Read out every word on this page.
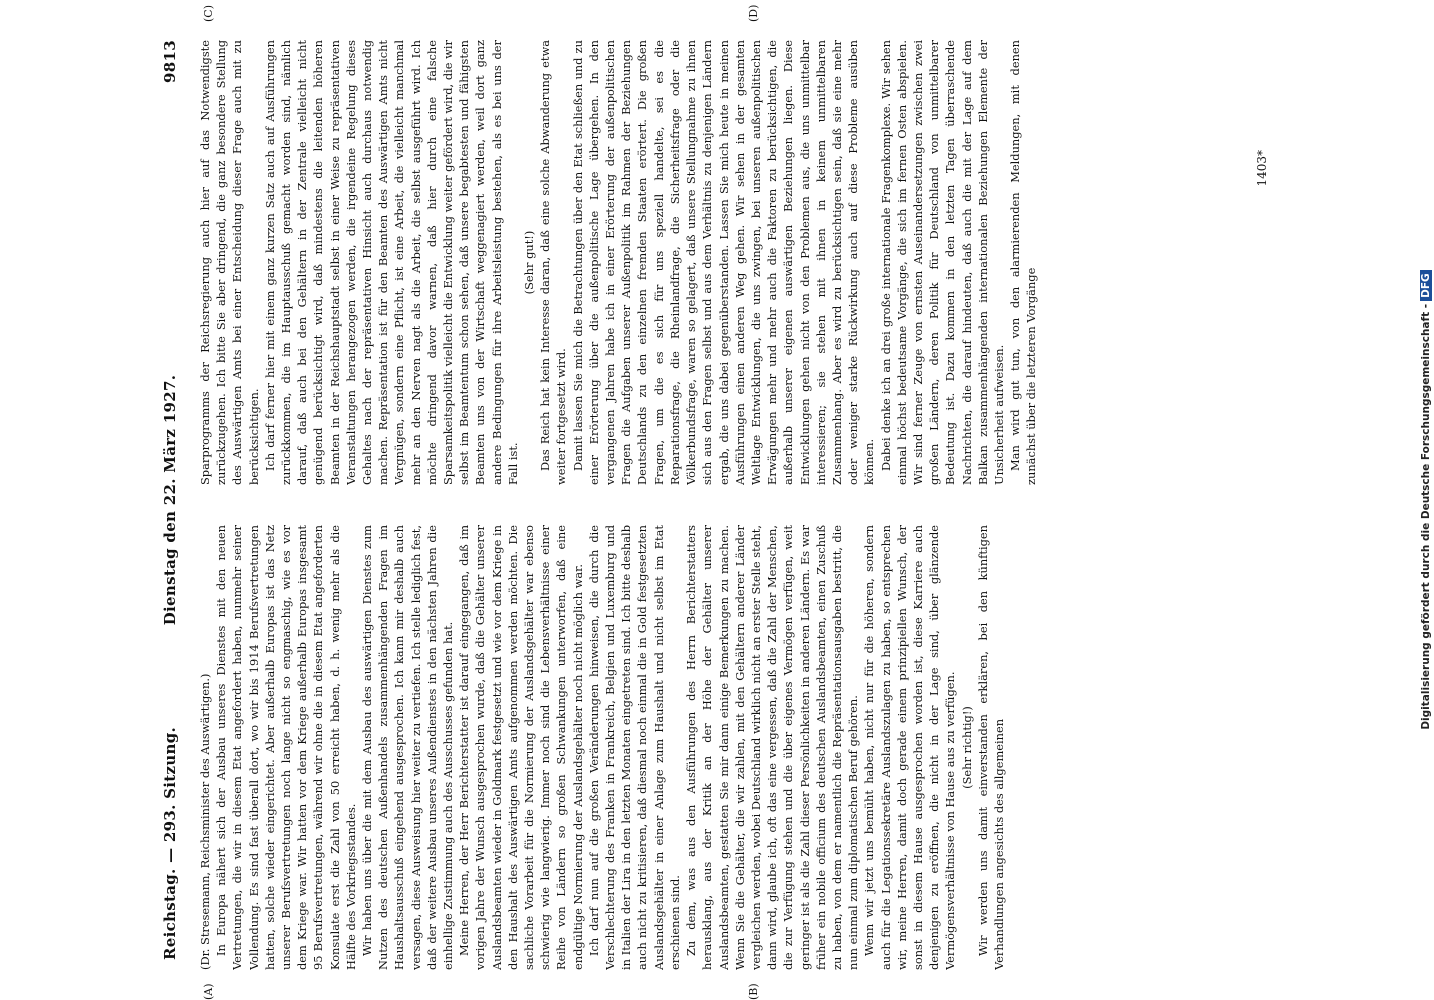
Reichstag. — 293. Sitzung.
Dienstag den 22. März 1927.
9813
(A)	(B)
(C)	(D)

(Dr. Stresemann, Reichsminister des Auswärtigen.) In Europa nähert sich der Ausbau unseres Dienstes mit den neuen Vertretungen, die wir in diesem Etat angefordert haben, nunmehr seiner Vollendung. Es sind fast überall dort, wo wir bis 1914 Berufsvertretungen hatten, solche wieder eingerichtet. Aber außerhalb Europas ist das Netz unserer Berufsvertretungen noch lange nicht so engmaschig, wie es vor dem Kriege war. Wir hatten vor dem Kriege außerhalb Europas insgesamt 95 Berufsvertretungen, während wir ohne die in diesem Etat angeforderten Konsulate erst die Zahl von 50 erreicht haben, d. h. wenig mehr als die Hälfte des Vorkriegsstandes. Wir haben uns über die mit dem Ausbau des auswärtigen Dienstes zum Nutzen des deutschen Außenhandels zusammenhängenden Fragen im Haushaltsausschuß eingehend ausgesprochen. Ich kann mir deshalb auch versagen, diese Ausweisung hier weiter zu vertiefen. Ich stelle lediglich fest, daß der weitere Ausbau unseres Außendienstes in den nächsten Jahren die einhellige Zustimmung auch des Ausschusses gefunden hat. Meine Herren, der Herr Berichterstatter ist darauf eingegangen, daß im vorigen Jahre der Wunsch ausgesprochen wurde, daß die Gehälter unserer Auslandsbeamten wieder in Goldmark festgesetzt und wie vor dem Kriege in den Haushalt des Auswärtigen Amts aufgenommen werden möchten. Die sachliche Vorarbeit für die Normierung der Auslandsgehälter war ebenso schwierig wie langwierig. Immer noch sind die Lebensverhältnisse einer Reihe von Ländern so großen Schwankungen unterworfen, daß eine endgültige Normierung der Auslandsgehälter noch nicht möglich war. Ich darf nun auf die großen Veränderungen hinweisen, die durch die Verschlechterung des Franken in Frankreich, Belgien und Luxemburg und in Italien der Lira in den letzten Monaten eingetreten sind. Ich bitte deshalb auch nicht zu kritisieren, daß diesmal noch einmal die in Gold festgesetzten Auslandsgehälter in einer Anlage zum Haushalt und nicht selbst im Etat erschienen sind. Zu dem, was aus den Ausführungen des Herrn Berichterstatters herausklang, aus der Kritik an der Höhe der Gehälter unserer Auslandsbeamten, gestatten Sie mir dann einige Bemerkungen zu machen. Wenn Sie die Gehälter, die wir zahlen, mit den Gehältern anderer Länder vergleichen werden, wobei Deutschland wirklich nicht an erster Stelle steht, dann wird, glaube ich, oft das eine vergessen, daß die Zahl der Menschen, die zur Verfügung stehen und die über eigenes Vermögen verfügen, weit geringer ist als die Zahl dieser Persönlichkeiten in anderen Ländern. Es war früher ein nobile officium des deutschen Auslandsbeamten, einen Zuschuß zu haben, von dem er namentlich die Repräsentationsausgaben bestritt, die nun einmal zum diplomatischen Beruf gehören. Wenn wir jetzt uns bemüht haben, nicht nur für die höheren, sondern auch für die Legationssekretäre Auslandszulagen zu haben, so entsprechen wir, meine Herren, damit doch gerade einem prinzipiellen Wunsch, der sonst in diesem Hause ausgesprochen worden ist, diese Karriere auch denjenigen zu eröffnen, die nicht in der Lage sind, über glänzende Vermögensverhältnisse von Hause aus zu verfügen. (Sehr richtig!) Wir werden uns damit einverstanden erklären, bei den künftigen Verhandlungen angesichts des allgemeinen

Sparprogramms der Reichsregierung auch hier auf das Notwendigste zurückzugehen. Ich bitte Sie aber dringend, die ganz besondere Stellung des Auswärtigen Amts bei einer Entscheidung dieser Frage auch mit zu berücksichtigen. Ich darf ferner hier mit einem ganz kurzen Satz auch auf Ausführungen zurückkommen, die im Hauptausschuß gemacht worden sind, nämlich darauf, daß auch bei den Gehältern in der Zentrale vielleicht nicht genügend berücksichtigt wird, daß mindestens die leitenden höheren Beamten in der Reichshauptstadt selbst in einer Weise zu repräsentativen Veranstaltungen herangezogen werden, die irgendeine Regelung dieses Gehaltes nach der repräsentativen Hinsicht auch durchaus notwendig machen. Repräsentation ist für den Beamten des Auswärtigen Amts nicht Vergnügen, sondern eine Pflicht, ist eine Arbeit, die vielleicht manchmal mehr an den Nerven nagt als die Arbeit, die selbst ausgeführt wird. Ich möchte dringend davor warnen, daß hier durch eine falsche Sparsamkeitspolitik vielleicht die Entwicklung weiter gefördert wird, die wir selbst im Beamtentum schon sehen, daß unsere begabtesten und fähigsten Beamten uns von der Wirtschaft weggenagiert werden, weil dort ganz andere Bedingungen für ihre Arbeitsleistung bestehen, als es bei uns der Fall ist.

(Sehr gut!) Das Reich hat kein Interesse daran, daß eine solche Abwanderung etwa weiter fortgesetzt wird. Damit lassen Sie mich die Betrachtungen über den Etat schließen und zu einer Erörterung über die außenpolitische Lage übergehen. In den vergangenen Jahren habe ich in einer Erörterung der außenpolitischen Fragen die Aufgaben unserer Außenpolitik im Rahmen der Beziehungen Deutschlands zu den einzelnen fremden Staaten erörtert. Die großen Fragen, um die es sich für uns speziell handelte, sei es die Reparationsfrage, die Rheinlandfrage, die Sicherheitsfrage oder die Völkerbundsfrage, waren so gelagert, daß unsere Stellungnahme zu ihnen sich aus den Fragen selbst und aus dem Verhältnis zu denjenigen Ländern ergab, die uns dabei gegenüberstanden. Lassen Sie mich heute in meinen Ausführungen einen anderen Weg gehen. Wir sehen in der gesamten Weltlage Entwicklungen, die uns zwingen, bei unseren außenpolitischen Erwägungen mehr und mehr auch die Faktoren zu berücksichtigen, die außerhalb unserer eigenen auswärtigen Beziehungen liegen. Diese Entwicklungen gehen nicht von den Problemen aus, die uns unmittelbar interessieren; sie stehen mit ihnen in keinem unmittelbaren Zusammenhang. Aber es wird zu berücksichtigen sein, daß sie eine mehr oder weniger starke Rückwirkung auch auf diese Probleme ausüben können. Dabei denke ich an drei große internationale Fragenkomplexe. Wir sehen einmal höchst bedeutsame Vorgänge, die sich im fernen Osten abspielen. Wir sind ferner Zeuge von ernsten Auseinandersetzungen zwischen zwei großen Ländern, deren Politik für Deutschland von unmittelbarer Bedeutung ist. Dazu kommen in den letzten Tagen überraschende Nachrichten, die darauf hindeuten, daß auch die mit der Lage auf dem Balkan zusammenhängenden internationalen Beziehungen Elemente der Unsicherheit aufweisen. Man wird gut tun, von den alarmierenden Meldungen, mit denen zunächst über die letzteren Vorgänge

1403*
Digitalisierung gefördert durch die Deutsche Forschungsgemeinschaft -DFG
